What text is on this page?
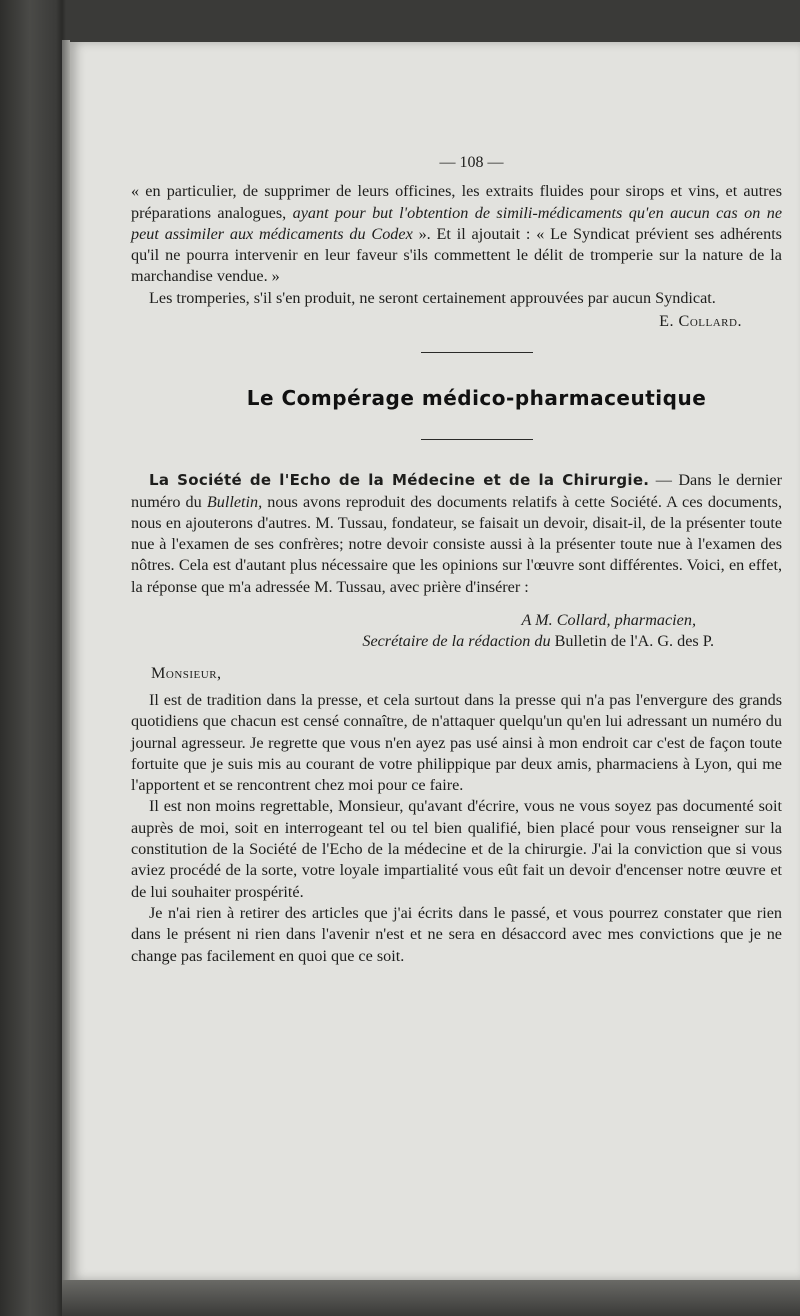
— 108 —

« en particulier, de supprimer de leurs officines, les extraits fluides pour sirops et vins, et autres préparations analogues, ayant pour but l'obtention de simili-médicaments qu'en aucun cas on ne peut assimiler aux médicaments du Codex ». Et il ajoutait : « Le Syndicat prévient ses adhérents qu'il ne pourra intervenir en leur faveur s'ils commettent le délit de tromperie sur la nature de la marchandise vendue. »

Les tromperies, s'il s'en produit, ne seront certainement approuvées par aucun Syndicat.

E. Collard.

Le Compérage médico-pharmaceutique

La Société de l'Echo de la Médecine et de la Chirurgie. — Dans le dernier numéro du Bulletin, nous avons reproduit des documents relatifs à cette Société. A ces documents, nous en ajouterons d'autres. M. Tussau, fondateur, se faisait un devoir, disait-il, de la présenter toute nue à l'examen de ses confrères; notre devoir consiste aussi à la présenter toute nue à l'examen des nôtres. Cela est d'autant plus nécessaire que les opinions sur l'œuvre sont différentes. Voici, en effet, la réponse que m'a adressée M. Tussau, avec prière d'insérer :

A M. Collard, pharmacien,

Secrétaire de la rédaction du Bulletin de l'A. G. des P.

Monsieur,

Il est de tradition dans la presse, et cela surtout dans la presse qui n'a pas l'envergure des grands quotidiens que chacun est censé connaître, de n'attaquer quelqu'un qu'en lui adressant un numéro du journal agresseur. Je regrette que vous n'en ayez pas usé ainsi à mon endroit car c'est de façon toute fortuite que je suis mis au courant de votre philippique par deux amis, pharmaciens à Lyon, qui me l'apportent et se rencontrent chez moi pour ce faire.

Il est non moins regrettable, Monsieur, qu'avant d'écrire, vous ne vous soyez pas documenté soit auprès de moi, soit en interrogeant tel ou tel bien qualifié, bien placé pour vous renseigner sur la constitution de la Société de l'Echo de la médecine et de la chirurgie. J'ai la conviction que si vous aviez procédé de la sorte, votre loyale impartialité vous eût fait un devoir d'encenser notre œuvre et de lui souhaiter prospérité.

Je n'ai rien à retirer des articles que j'ai écrits dans le passé, et vous pourrez constater que rien dans le présent ni rien dans l'avenir n'est et ne sera en désaccord avec mes convictions que je ne change pas facilement en quoi que ce soit.
